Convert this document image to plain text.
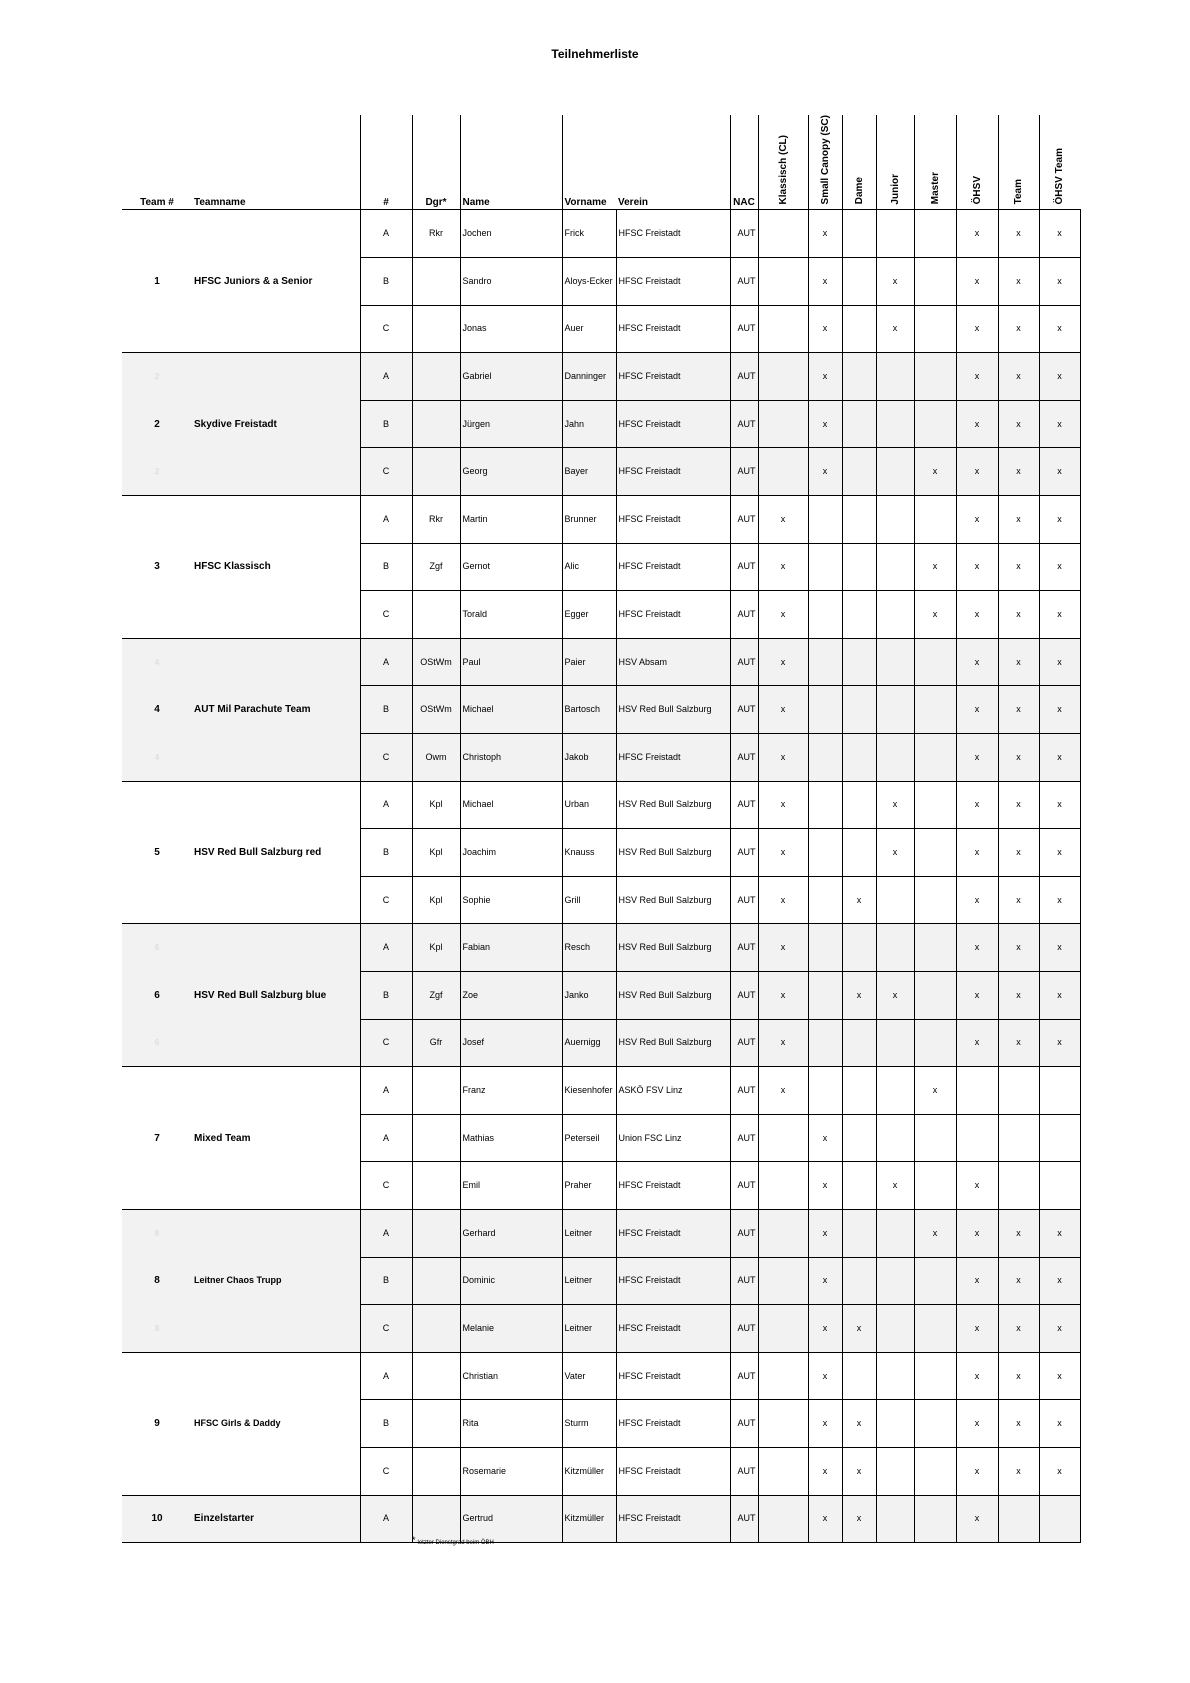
Teilnehmerliste
Team #	Teamname	#	Dgr*	Name	Vorname	Verein	NAC	Klassisch (CL)	Small Canopy (SC)	Dame	Junior	Master	ÖHSV	Team	ÖHSV Team
	HFSC Juniors & a Senior	A	Rkr	Jochen	Frick	HFSC Freistadt	AUT		x				x	x	x
1		B		Sandro	Aloys-Ecker	HFSC Freistadt	AUT		x		x		x	x	x
		C		Jonas	Auer	HFSC Freistadt	AUT		x		x		x	x	x
2	Skydive Freistadt	A		Gabriel	Danninger	HFSC Freistadt	AUT		x				x	x	x
2		B		Jürgen	Jahn	HFSC Freistadt	AUT		x				x	x	x
2		C		Georg	Bayer	HFSC Freistadt	AUT		x			x	x	x	x
	HFSC Klassisch	A	Rkr	Martin	Brunner	HFSC Freistadt	AUT	x					x	x	x
3		B	Zgf	Gernot	Alic	HFSC Freistadt	AUT	x				x	x	x	x
		C		Torald	Egger	HFSC Freistadt	AUT	x				x	x	x	x
4	AUT Mil Parachute Team	A	OStWm	Paul	Paier	HSV Absam	AUT	x					x	x	x
4		B	OStWm	Michael	Bartosch	HSV Red Bull Salzburg	AUT	x					x	x	x
4		C	Owm	Christoph	Jakob	HFSC Freistadt	AUT	x					x	x	x
	HSV Red Bull Salzburg red	A	Kpl	Michael	Urban	HSV Red Bull Salzburg	AUT	x			x		x	x	x
5		B	Kpl	Joachim	Knauss	HSV Red Bull Salzburg	AUT	x			x		x	x	x
		C	Kpl	Sophie	Grill	HSV Red Bull Salzburg	AUT	x		x			x	x	x
6	HSV Red Bull Salzburg blue	A	Kpl	Fabian	Resch	HSV Red Bull Salzburg	AUT	x					x	x	x
6		B	Zgf	Zoe	Janko	HSV Red Bull Salzburg	AUT	x		x	x		x	x	x
6		C	Gfr	Josef	Auernigg	HSV Red Bull Salzburg	AUT	x					x	x	x
	Mixed Team	A		Franz	Kiesenhofer	ASKÖ FSV Linz	AUT	x				x			
7		A		Mathias	Peterseil	Union FSC Linz	AUT		x						
		C		Emil	Praher	HFSC Freistadt	AUT		x		x		x		
8	Leitner Chaos Trupp	A		Gerhard	Leitner	HFSC Freistadt	AUT		x			x	x	x	x
8		B		Dominic	Leitner	HFSC Freistadt	AUT		x				x	x	x
8		C		Melanie	Leitner	HFSC Freistadt	AUT		x	x			x	x	x
	HFSC Girls & Daddy	A		Christian	Vater	HFSC Freistadt	AUT		x				x	x	x
9		B		Rita	Sturm	HFSC Freistadt	AUT		x	x			x	x	x
		C		Rosemarie	Kitzmüller	HFSC Freistadt	AUT		x	x			x	x	x
10	Einzelstarter	A		Gertrud	Kitzmüller	HFSC Freistadt	AUT		x	x			x		
* letzter Dienstgrad beim ÖBH
